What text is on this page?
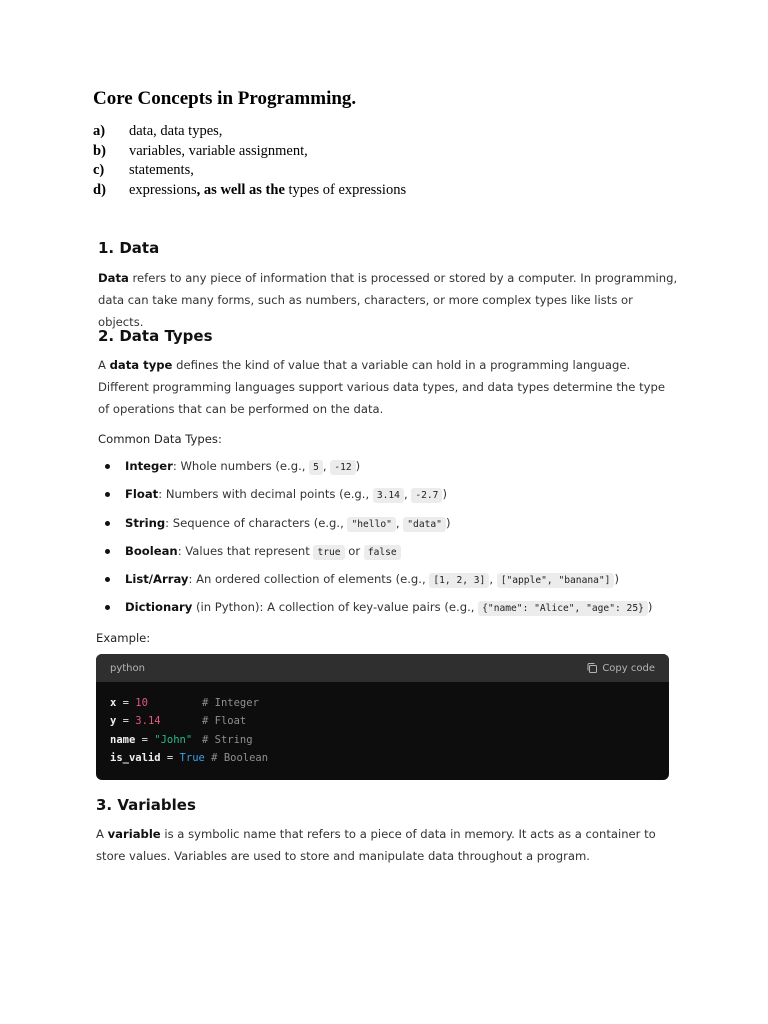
Core Concepts in Programming.
a) data, data types,
b) variables, variable assignment,
c) statements,
d) expressions, as well as the types of expressions
1. Data

Data refers to any piece of information that is processed or stored by a computer. In programming, data can take many forms, such as numbers, characters, or more complex types like lists or objects.

2. Data Types

A data type defines the kind of value that a variable can hold in a programming language. Different programming languages support various data types, and data types determine the type of operations that can be performed on the data.

Common Data Types:

Integer: Whole numbers (e.g., 5 , -12 )
Float: Numbers with decimal points (e.g., 3.14 , -2.7 )
String: Sequence of characters (e.g., "hello" , "data" )
Boolean: Values that represent true or false
List/Array: An ordered collection of elements (e.g., [1, 2, 3] , ["apple", "banana"] )
Dictionary (in Python): A collection of key-value pairs (e.g., {"name": "Alice", "age": 25} )

Example:

python	Copy code
x = 10	# Integer
y = 3.14	# Float
name = "John" # String
is_valid = True # Boolean
3. Variables

A variable is a symbolic name that refers to a piece of data in memory. It acts as a container to store values. Variables are used to store and manipulate data throughout a program.
